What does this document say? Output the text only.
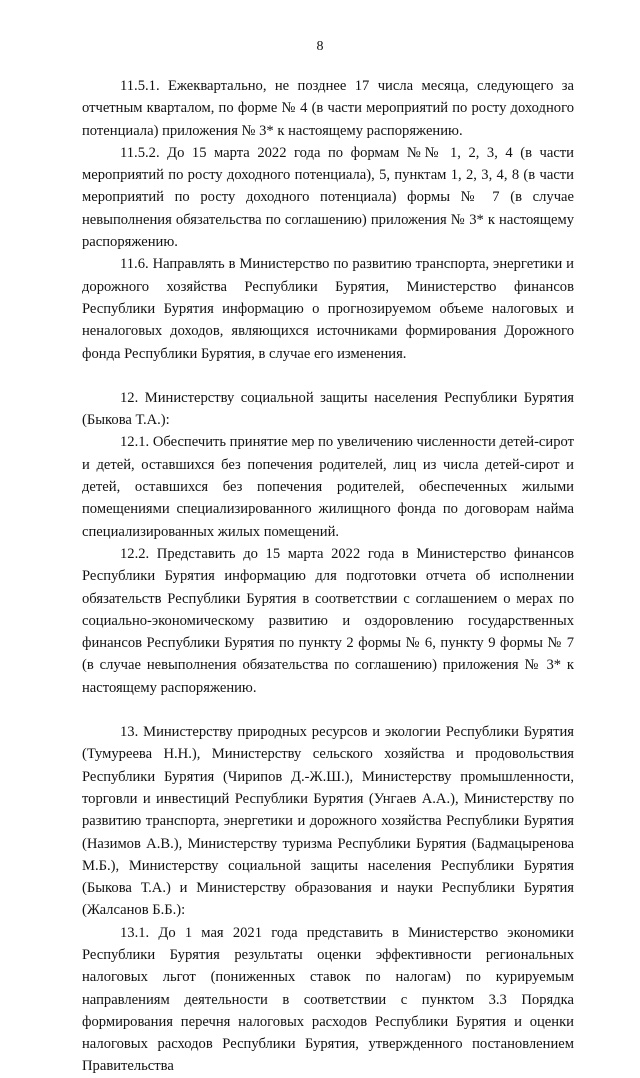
8

11.5.1. Ежеквартально, не позднее 17 числа месяца, следующего за отчетным кварталом, по форме № 4 (в части мероприятий по росту доходного потенциала) приложения № 3* к настоящему распоряжению.

11.5.2. До 15 марта 2022 года по формам №№ 1, 2, 3, 4 (в части мероприятий по росту доходного потенциала), 5, пунктам 1, 2, 3, 4, 8 (в части мероприятий по росту доходного потенциала) формы № 7 (в случае невыполнения обязательства по соглашению) приложения № 3* к настоящему распоряжению.

11.6. Направлять в Министерство по развитию транспорта, энергетики и дорожного хозяйства Республики Бурятия, Министерство финансов Республики Бурятия информацию о прогнозируемом объеме налоговых и неналоговых доходов, являющихся источниками формирования Дорожного фонда Республики Бурятия, в случае его изменения.

12. Министерству социальной защиты населения Республики Бурятия (Быкова Т.А.):

12.1. Обеспечить принятие мер по увеличению численности детей-сирот и детей, оставшихся без попечения родителей, лиц из числа детей-сирот и детей, оставшихся без попечения родителей, обеспеченных жилыми помещениями специализированного жилищного фонда по договорам найма специализированных жилых помещений.

12.2. Представить до 15 марта 2022 года в Министерство финансов Республики Бурятия информацию для подготовки отчета об исполнении обязательств Республики Бурятия в соответствии с соглашением о мерах по социально-экономическому развитию и оздоровлению государственных финансов Республики Бурятия по пункту 2 формы № 6, пункту 9 формы № 7 (в случае невыполнения обязательства по соглашению) приложения № 3* к настоящему распоряжению.

13. Министерству природных ресурсов и экологии Республики Бурятия (Тумуреева Н.Н.), Министерству сельского хозяйства и продовольствия Республики Бурятия (Чирипов Д.-Ж.Ш.), Министерству промышленности, торговли и инвестиций Республики Бурятия (Унгаев А.А.), Министерству по развитию транспорта, энергетики и дорожного хозяйства Республики Бурятия (Назимов А.В.), Министерству туризма Республики Бурятия (Бадмацыренова М.Б.), Министерству социальной защиты населения Республики Бурятия (Быкова Т.А.) и Министерству образования и науки Республики Бурятия (Жалсанов Б.Б.):

13.1. До 1 мая 2021 года представить в Министерство экономики Республики Бурятия результаты оценки эффективности региональных налоговых льгот (пониженных ставок по налогам) по курируемым направлениям деятельности в соответствии с пунктом 3.3 Порядка формирования перечня налоговых расходов Республики Бурятия и оценки налоговых расходов Республики Бурятия, утвержденного постановлением Правительства
